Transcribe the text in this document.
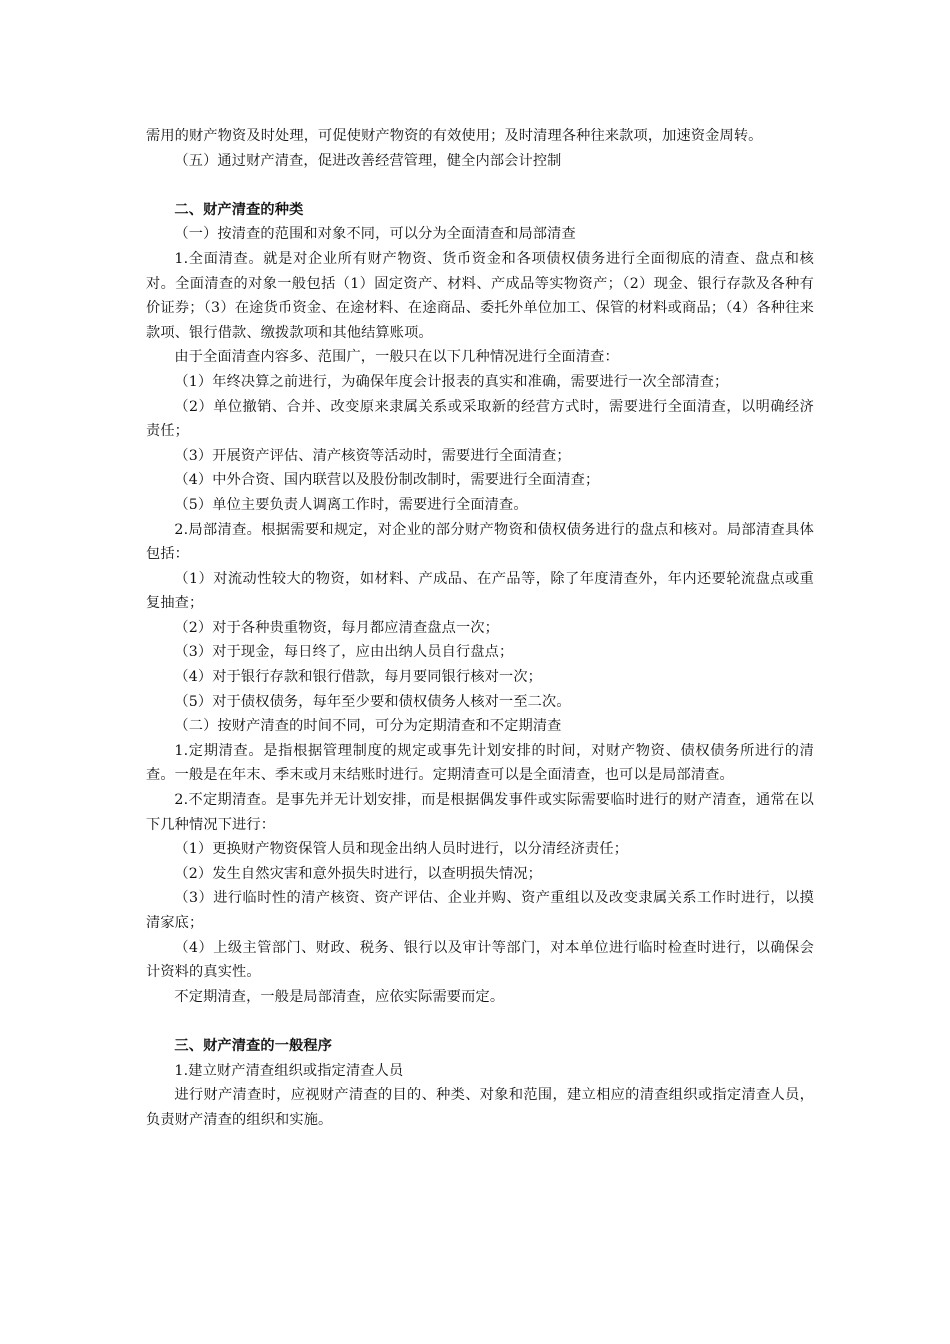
需用的财产物资及时处理，可促使财产物资的有效使用；及时清理各种往来款项，加速资金周转。

（五）通过财产清查，促进改善经营管理，健全内部会计控制

二、财产清查的种类

（一）按清查的范围和对象不同，可以分为全面清查和局部清查

1.全面清查。就是对企业所有财产物资、货币资金和各项债权债务进行全面彻底的清查、盘点和核对。全面清查的对象一般包括（1）固定资产、材料、产成品等实物资产；（2）现金、银行存款及各种有价证券；（3）在途货币资金、在途材料、在途商品、委托外单位加工、保管的材料或商品；（4）各种往来款项、银行借款、缴拨款项和其他结算账项。

由于全面清查内容多、范围广，一般只在以下几种情况进行全面清查：

（1）年终决算之前进行，为确保年度会计报表的真实和准确，需要进行一次全部清查；

（2）单位撤销、合并、改变原来隶属关系或采取新的经营方式时，需要进行全面清查，以明确经济责任；

（3）开展资产评估、清产核资等活动时，需要进行全面清查；

（4）中外合资、国内联营以及股份制改制时，需要进行全面清查；

（5）单位主要负责人调离工作时，需要进行全面清查。

2.局部清查。根据需要和规定，对企业的部分财产物资和债权债务进行的盘点和核对。局部清查具体包括：

（1）对流动性较大的物资，如材料、产成品、在产品等，除了年度清查外，年内还要轮流盘点或重复抽查；

（2）对于各种贵重物资，每月都应清查盘点一次；

（3）对于现金，每日终了，应由出纳人员自行盘点；

（4）对于银行存款和银行借款，每月要同银行核对一次；

（5）对于债权债务，每年至少要和债权债务人核对一至二次。

（二）按财产清查的时间不同，可分为定期清查和不定期清查

1.定期清查。是指根据管理制度的规定或事先计划安排的时间，对财产物资、债权债务所进行的清查。一般是在年末、季末或月末结账时进行。定期清查可以是全面清查，也可以是局部清查。

2.不定期清查。是事先并无计划安排，而是根据偶发事件或实际需要临时进行的财产清查，通常在以下几种情况下进行：

（1）更换财产物资保管人员和现金出纳人员时进行，以分清经济责任；

（2）发生自然灾害和意外损失时进行，以查明损失情况；

（3）进行临时性的清产核资、资产评估、企业并购、资产重组以及改变隶属关系工作时进行，以摸清家底；

（4）上级主管部门、财政、税务、银行以及审计等部门，对本单位进行临时检查时进行，以确保会计资料的真实性。

不定期清查，一般是局部清查，应依实际需要而定。

三、财产清查的一般程序

1.建立财产清查组织或指定清查人员

进行财产清查时，应视财产清查的目的、种类、对象和范围，建立相应的清查组织或指定清查人员，负责财产清查的组织和实施。
